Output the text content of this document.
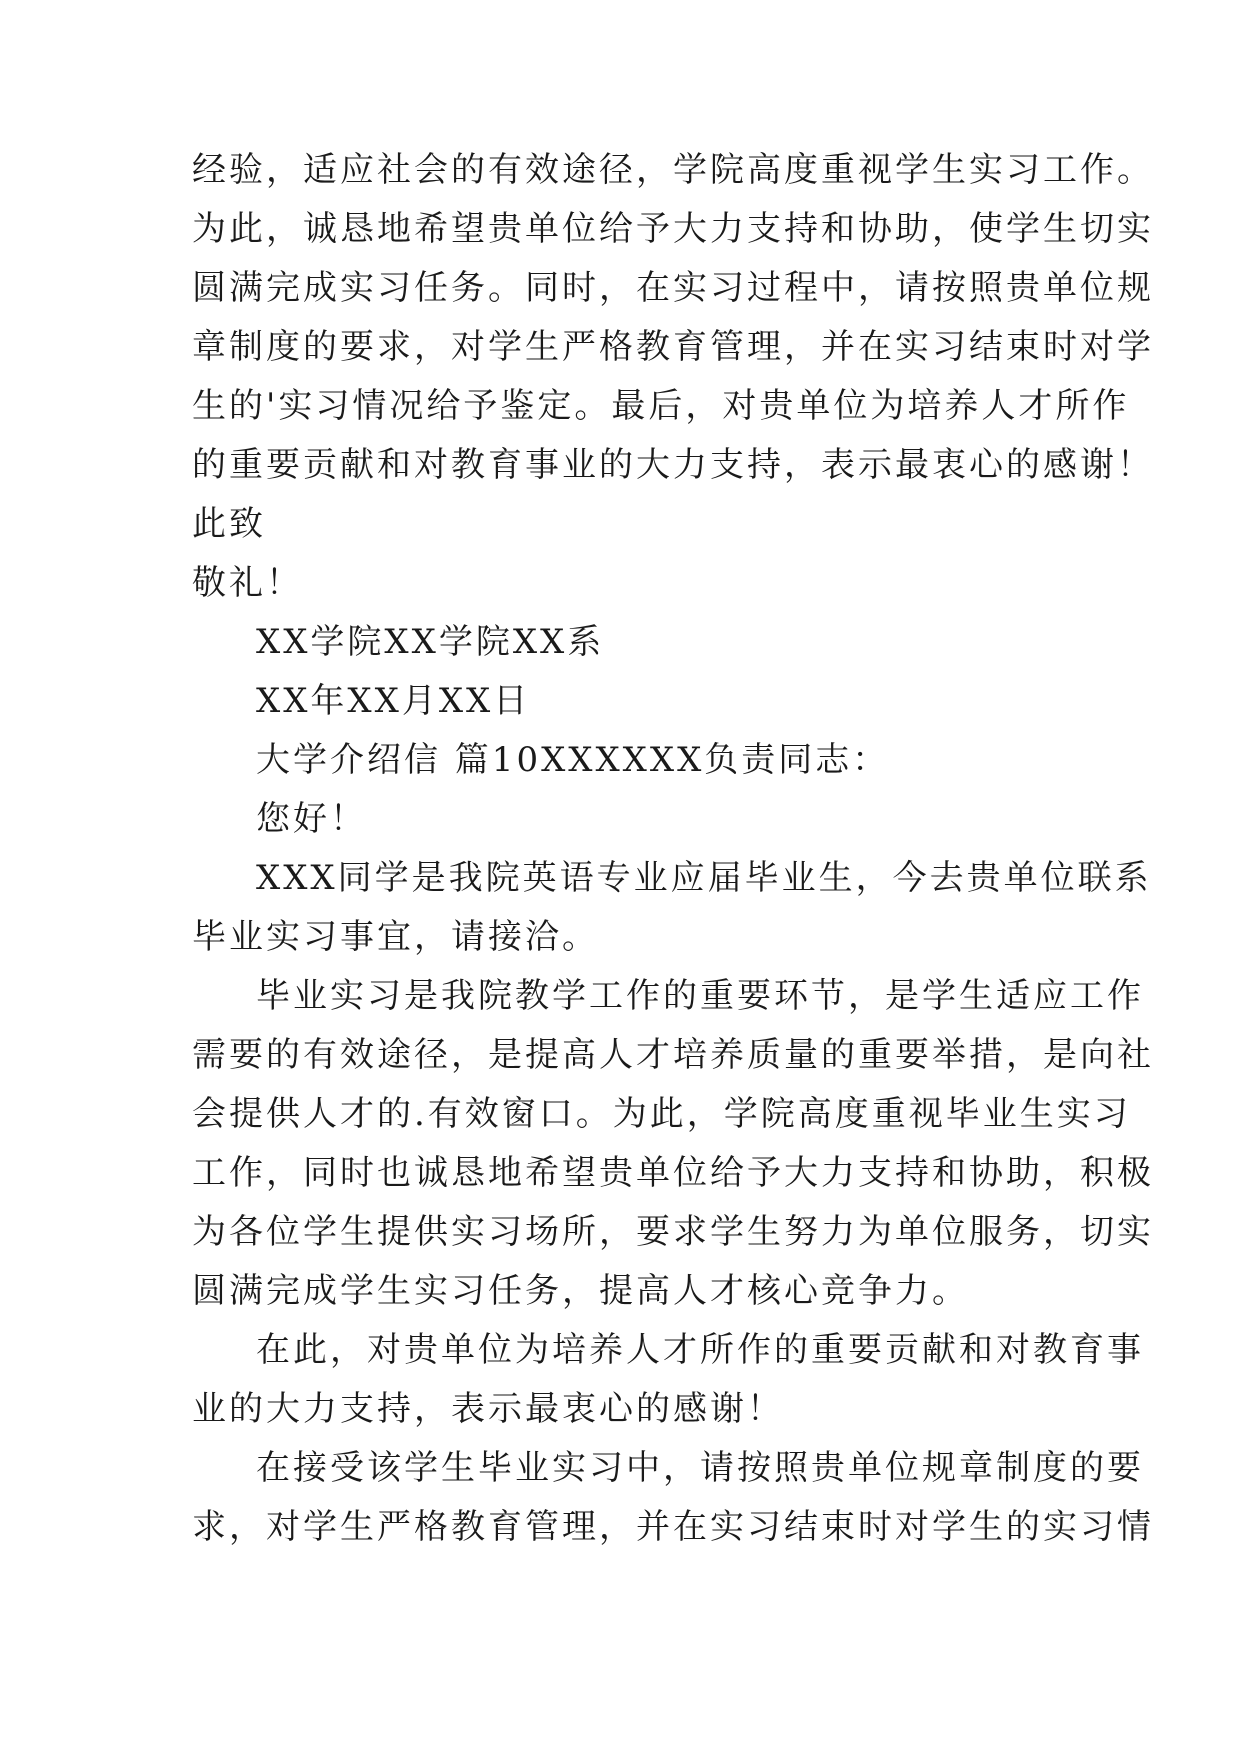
经验，适应社会的有效途径，学院高度重视学生实习工作。
为此，诚恳地希望贵单位给予大力支持和协助，使学生切实
圆满完成实习任务。同时，在实习过程中，请按照贵单位规
章制度的要求，对学生严格教育管理，并在实习结束时对学
生的'实习情况给予鉴定。最后，对贵单位为培养人才所作
的重要贡献和对教育事业的大力支持，表示最衷心的感谢！
此致
敬礼！
XX学院XX学院XX系
XX年XX月XX日
大学介绍信 篇10XXXXXX负责同志：
您好！
XXX同学是我院英语专业应届毕业生，今去贵单位联系
毕业实习事宜，请接洽。
毕业实习是我院教学工作的重要环节，是学生适应工作
需要的有效途径，是提高人才培养质量的重要举措，是向社
会提供人才的.有效窗口。为此，学院高度重视毕业生实习
工作，同时也诚恳地希望贵单位给予大力支持和协助，积极
为各位学生提供实习场所，要求学生努力为单位服务，切实
圆满完成学生实习任务，提高人才核心竞争力。
在此，对贵单位为培养人才所作的重要贡献和对教育事
业的大力支持，表示最衷心的感谢！
在接受该学生毕业实习中，请按照贵单位规章制度的要
求，对学生严格教育管理，并在实习结束时对学生的实习情
